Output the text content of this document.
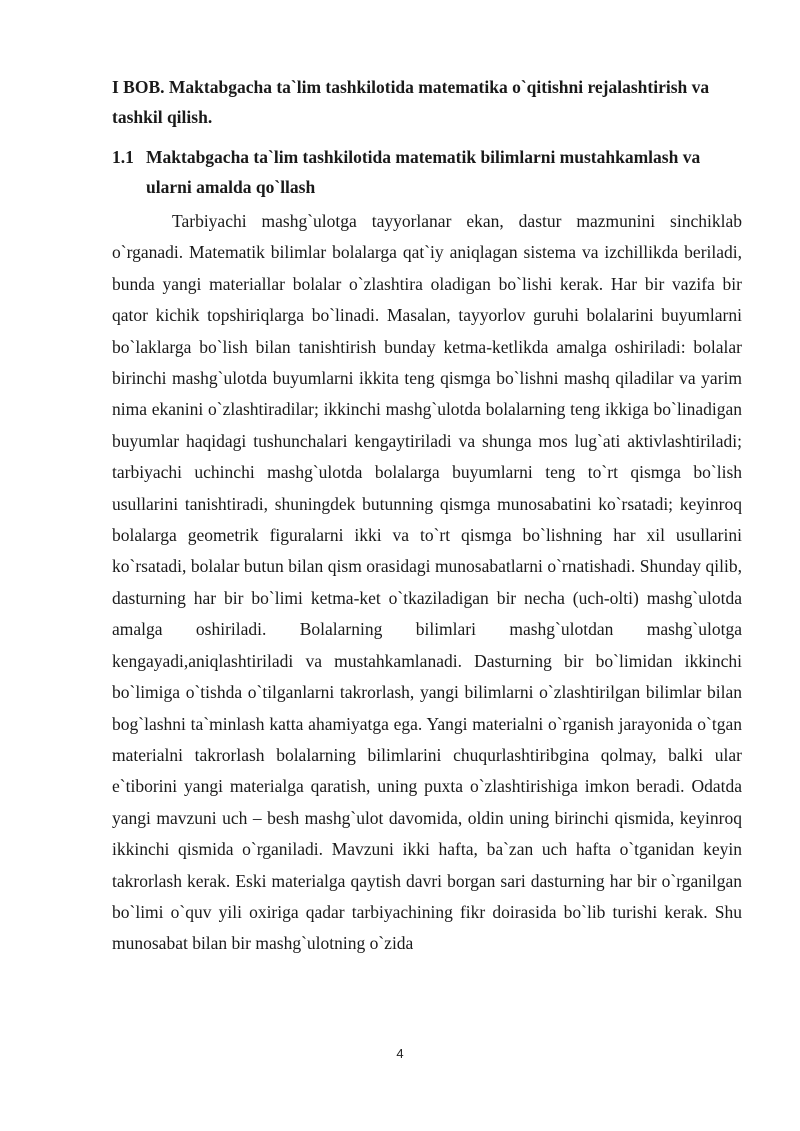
I BOB. Maktabgacha ta`lim tashkilotida matematika o`qitishni rejalashtirish va tashkil qilish.
1.1 Maktabgacha ta`lim tashkilotida matematik bilimlarni mustahkamlash va ularni amalda qo`llash

Tarbiyachi mashg`ulotga tayyorlanar ekan, dastur mazmunini sinchiklab o`rganadi. Matematik bilimlar bolalarga qat`iy aniqlagan sistema va izchillikda beriladi, bunda yangi materiallar bolalar o`zlashtira oladigan bo`lishi kerak. Har bir vazifa bir qator kichik topshiriqlarga bo`linadi. Masalan, tayyorlov guruhi bolalarini buyumlarni bo`laklarga bo`lish bilan tanishtirish bunday ketma-ketlikda amalga oshiriladi: bolalar birinchi mashg`ulotda buyumlarni ikkita teng qismga bo`lishni mashq qiladilar va yarim nima ekanini o`zlashtiradilar; ikkinchi mashg`ulotda bolalarning teng ikkiga bo`linadigan buyumlar haqidagi tushunchalari kengaytiriladi va shunga mos lug`ati aktivlashtiriladi; tarbiyachi uchinchi mashg`ulotda bolalarga buyumlarni teng to`rt qismga bo`lish usullarini tanishtiradi, shuningdek butunning qismga munosabatini ko`rsatadi; keyinroq bolalarga geometrik figuralarni ikki va to`rt qismga bo`lishning har xil usullarini ko`rsatadi, bolalar butun bilan qism orasidagi munosabatlarni o`rnatishadi. Shunday qilib, dasturning har bir bo`limi ketma-ket o`tkaziladigan bir necha (uch-olti) mashg`ulotda amalga oshiriladi. Bolalarning bilimlari mashg`ulotdan mashg`ulotga kengayadi,aniqlashtiriladi va mustahkamlanadi. Dasturning bir bo`limidan ikkinchi bo`limiga o`tishda o`tilganlarni takrorlash, yangi bilimlarni o`zlashtirilgan bilimlar bilan bog`lashni ta`minlash katta ahamiyatga ega. Yangi materialni o`rganish jarayonida o`tgan materialni takrorlash bolalarning bilimlarini chuqurlashtiribgina qolmay, balki ular e`tiborini yangi materialga qaratish, uning puxta o`zlashtirishiga imkon beradi. Odatda yangi mavzuni uch – besh mashg`ulot davomida, oldin uning birinchi qismida, keyinroq ikkinchi qismida o`rganiladi. Mavzuni ikki hafta, ba`zan uch hafta o`tganidan keyin takrorlash kerak. Eski materialga qaytish davri borgan sari dasturning har bir o`rganilgan bo`limi o`quv yili oxiriga qadar tarbiyachining fikr doirasida bo`lib turishi kerak. Shu munosabat bilan bir mashg`ulotning o`zida

4
